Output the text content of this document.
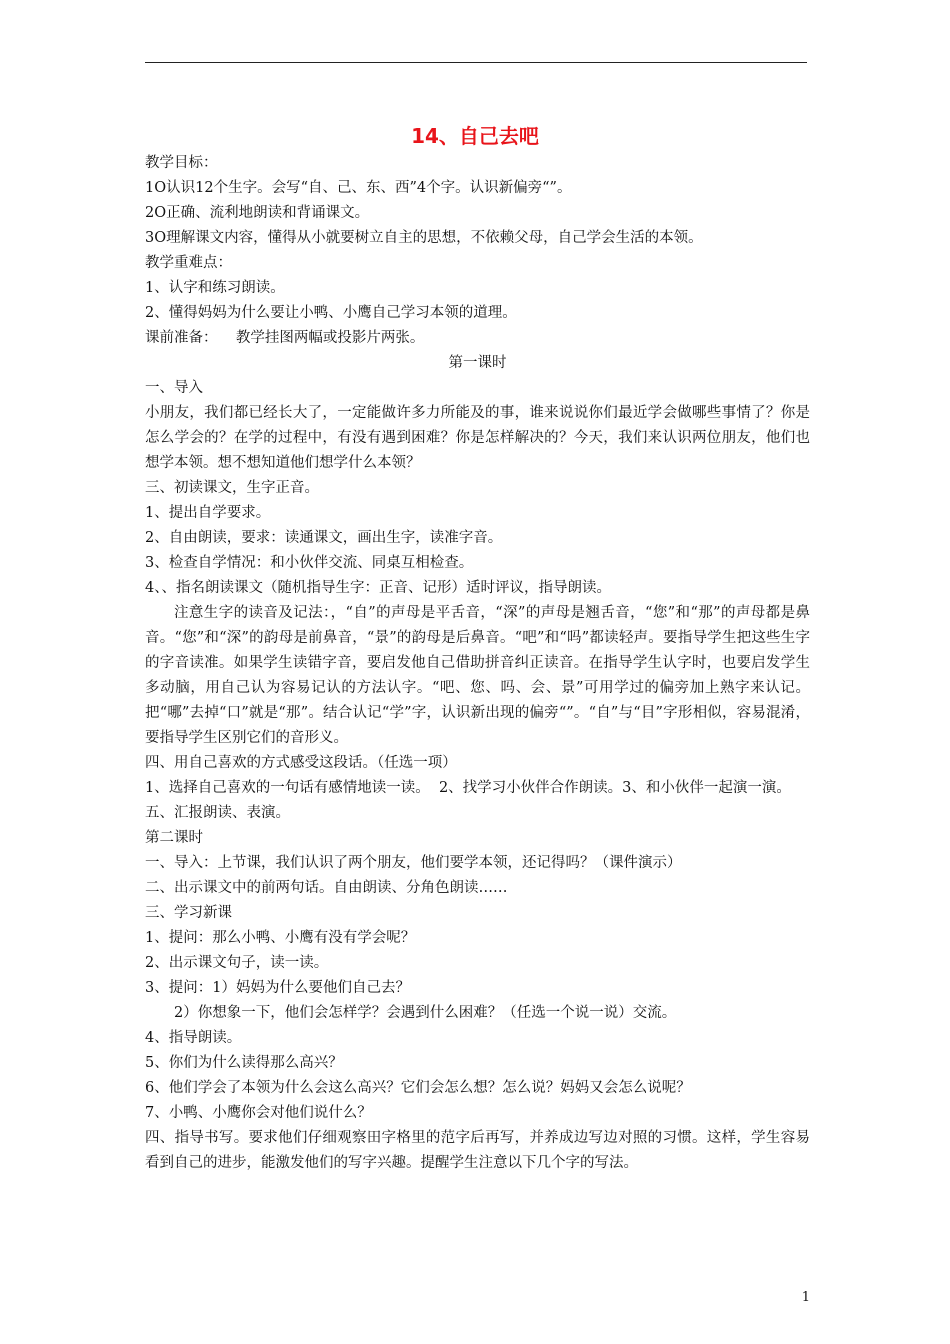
14、自己去吧

教学目标：

1О认识12个生字。会写“自、己、东、西”4个字。认识新偏旁“”。

2О正确、流利地朗读和背诵课文。

3О理解课文内容，懂得从小就要树立自主的思想，不依赖父母，自己学会生活的本领。

教学重难点：

1、认字和练习朗读。

2、懂得妈妈为什么要让小鸭、小鹰自己学习本领的道理。

课前准备：    教学挂图两幅或投影片两张。

第一课时

一、导入

小朋友，我们都已经长大了，一定能做许多力所能及的事，谁来说说你们最近学会做哪些事情了？你是怎么学会的？在学的过程中，有没有遇到困难？你是怎样解决的？今天，我们来认识两位朋友，他们也想学本领。想不想知道他们想学什么本领？

三、初读课文，生字正音。

1、提出自学要求。

2、自由朗读，要求：读通课文，画出生字，读准字音。

3、检查自学情况：和小伙伴交流、同桌互相检查。

4、、指名朗读课文（随机指导生字：正音、记形）适时评议，指导朗读。

注意生字的读音及记法：，“自”的声母是平舌音，“深”的声母是翘舌音，“您”和“那”的声母都是鼻音。“您”和“深”的韵母是前鼻音，“景”的韵母是后鼻音。“吧”和“吗”都读轻声。要指导学生把这些生字的字音读准。如果学生读错字音，要启发他自己借助拼音纠正读音。在指导学生认字时，也要启发学生多动脑，用自己认为容易记认的方法认字。“吧、您、吗、会、景”可用学过的偏旁加上熟字来认记。把“哪”去掉“口”就是“那”。结合认记“学”字，认识新出现的偏旁“”。“自”与“目”字形相似，容易混淆，要指导学生区别它们的音形义。

四、用自己喜欢的方式感受这段话。（任选一项）

1、选择自己喜欢的一句话有感情地读一读。  2、找学习小伙伴合作朗读。3、和小伙伴一起演一演。

五、汇报朗读、表演。

第二课时

一、导入：上节课，我们认识了两个朋友，他们要学本领，还记得吗？（课件演示）

二、出示课文中的前两句话。自由朗读、分角色朗读……

三、学习新课

1、提问：那么小鸭、小鹰有没有学会呢？

2、出示课文句子，读一读。

3、提问：1）妈妈为什么要他们自己去？

2）你想象一下，他们会怎样学？会遇到什么困难？（任选一个说一说）交流。

4、指导朗读。

5、你们为什么读得那么高兴？

6、他们学会了本领为什么会这么高兴？它们会怎么想？怎么说？妈妈又会怎么说呢？

7、小鸭、小鹰你会对他们说什么？

四、指导书写。要求他们仔细观察田字格里的范字后再写，并养成边写边对照的习惯。这样，学生容易看到自己的进步，能激发他们的写字兴趣。提醒学生注意以下几个字的写法。

1
